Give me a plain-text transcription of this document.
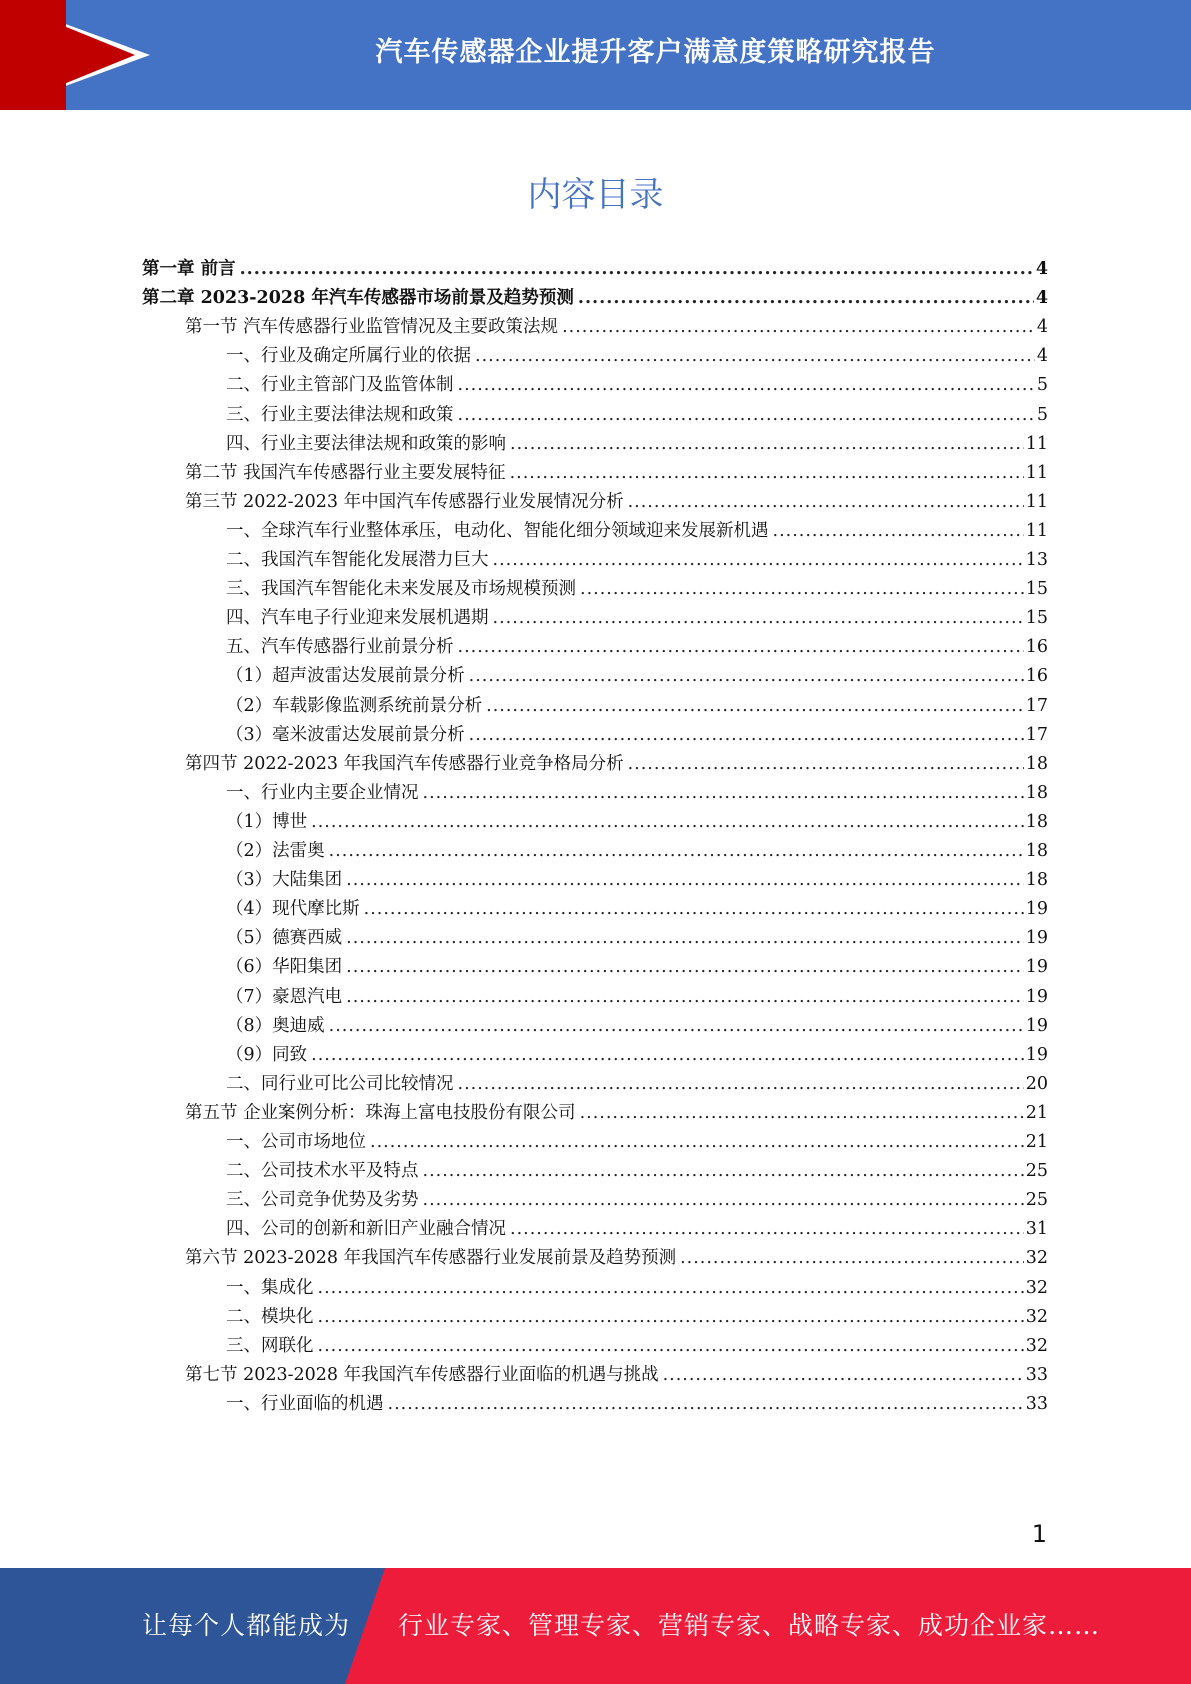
汽车传感器企业提升客户满意度策略研究报告
内容目录
第一章 前言 .....	4
第二章 2023-2028 年汽车传感器市场前景及趋势预测 .....	4
第一节 汽车传感器行业监管情况及主要政策法规 .....	4
一、行业及确定所属行业的依据 .....	4
二、行业主管部门及监管体制 .....	5
三、行业主要法律法规和政策 .....	5
四、行业主要法律法规和政策的影响 .....	11
第二节 我国汽车传感器行业主要发展特征 .....	11
第三节 2022-2023 年中国汽车传感器行业发展情况分析 .....	11
一、全球汽车行业整体承压，电动化、智能化细分领域迎来发展新机遇 .....	11
二、我国汽车智能化发展潜力巨大 .....	13
三、我国汽车智能化未来发展及市场规模预测 .....	15
四、汽车电子行业迎来发展机遇期 .....	15
五、汽车传感器行业前景分析 .....	16
（1）超声波雷达发展前景分析 .....	16
（2）车载影像监测系统前景分析 .....	17
（3）毫米波雷达发展前景分析 .....	17
第四节 2022-2023 年我国汽车传感器行业竞争格局分析 .....	18
一、行业内主要企业情况 .....	18
（1）博世 .....	18
（2）法雷奥 .....	18
（3）大陆集团 .....	18
（4）现代摩比斯 .....	19
（5）德赛西威 .....	19
（6）华阳集团 .....	19
（7）豪恩汽电 .....	19
（8）奥迪威 .....	19
（9）同致 .....	19
二、同行业可比公司比较情况 .....	20
第五节 企业案例分析：珠海上富电技股份有限公司 .....	21
一、公司市场地位 .....	21
二、公司技术水平及特点 .....	25
三、公司竞争优势及劣势 .....	25
四、公司的创新和新旧产业融合情况 .....	31
第六节 2023-2028 年我国汽车传感器行业发展前景及趋势预测 .....	32
一、集成化 .....	32
二、模块化 .....	32
三、网联化 .....	32
第七节 2023-2028 年我国汽车传感器行业面临的机遇与挑战 .....	33
一、行业面临的机遇 .....	33
1
让每个人都能成为 行业专家、管理专家、营销专家、战略专家、成功企业家……
